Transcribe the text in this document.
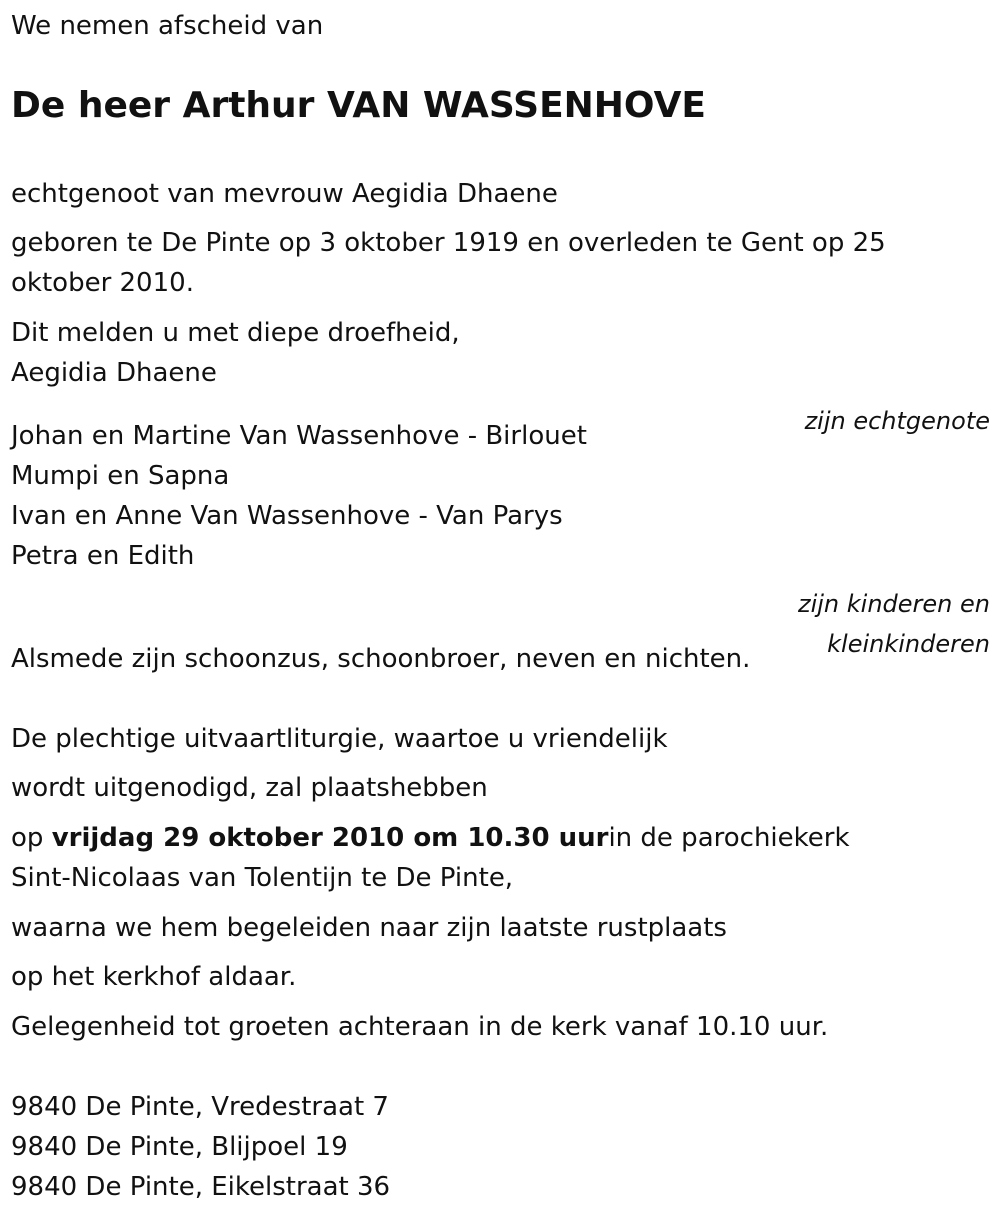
We nemen afscheid van

De heer Arthur VAN WASSENHOVE

echtgenoot van mevrouw Aegidia Dhaene

geboren te De Pinte op 3 oktober 1919 en overleden te Gent op 25

oktober 2010.

Dit melden u met diepe droefheid,

Aegidia Dhaene

zijn echtgenote

Johan en Martine Van Wassenhove - Birlouet

Mumpi en Sapna

Ivan en Anne Van Wassenhove - Van Parys

Petra en Edith

zijn kinderen en

kleinkinderen

Alsmede zijn schoonzus, schoonbroer, neven en nichten.

De plechtige uitvaartliturgie, waartoe u vriendelijk

wordt uitgenodigd, zal plaatshebben

op vrijdag 29 oktober 2010 om 10.30 uurin de parochiekerk

Sint-Nicolaas van Tolentijn te De Pinte,

waarna we hem begeleiden naar zijn laatste rustplaats

op het kerkhof aldaar.

Gelegenheid tot groeten achteraan in de kerk vanaf 10.10 uur.

9840 De Pinte, Vredestraat 7

9840 De Pinte, Blijpoel 19

9840 De Pinte, Eikelstraat 36
